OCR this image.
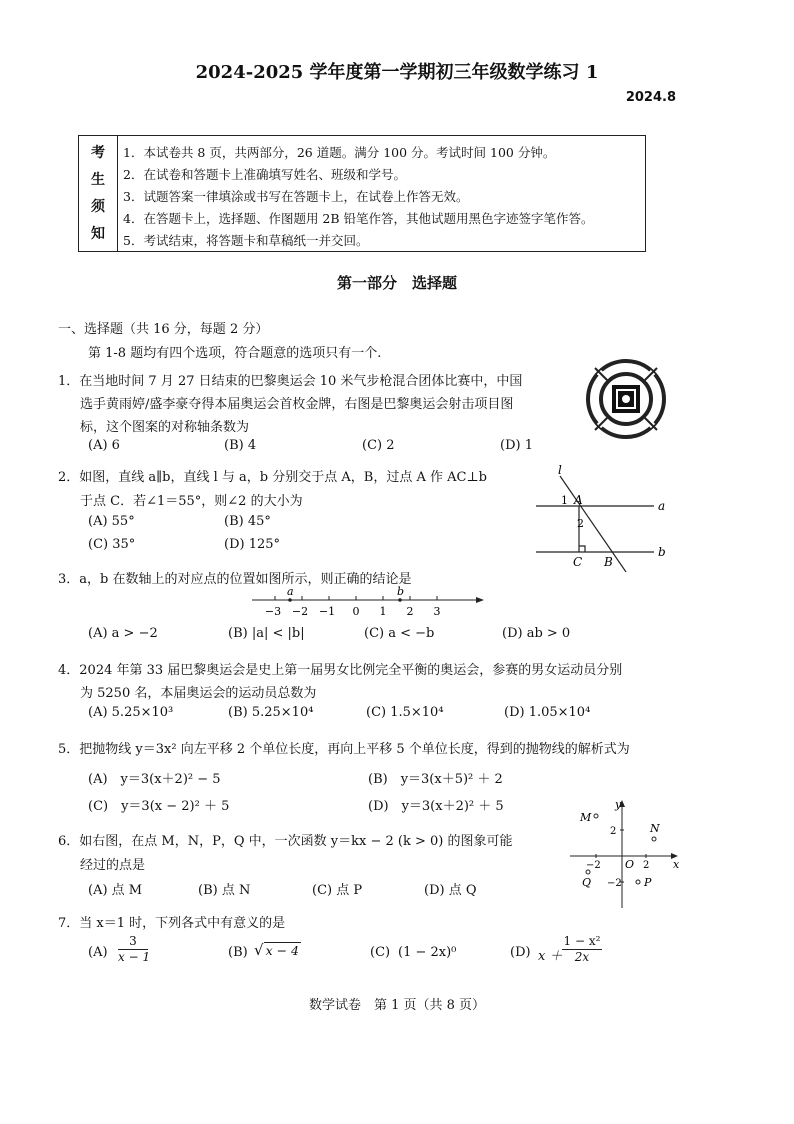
2024-2025 学年度第一学期初三年级数学练习 1
2024.8
考
生
须
知
1．本试卷共 8 页，共两部分，26 道题。满分 100 分。考试时间 100 分钟。
2．在试卷和答题卡上准确填写姓名、班级和学号。
3．试题答案一律填涂或书写在答题卡上，在试卷上作答无效。
4．在答题卡上，选择题、作图题用 2B 铅笔作答，其他试题用黑色字迹签字笔作答。
5．考试结束，将答题卡和草稿纸一并交回。
第一部分　选择题
一、选择题（共 16 分，每题 2 分）
第 1-8 题均有四个选项，符合题意的选项只有一个.
1．在当地时间 7 月 27 日结束的巴黎奥运会 10 米气步枪混合团体比赛中，中国
选手黄雨婷/盛李豪夺得本届奥运会首枚金牌，右图是巴黎奥运会射击项目图
标，这个图案的对称轴条数为
(A) 6	(B) 4	(C) 2	(D) 1
2．如图，直线 a∥b，直线 l 与 a，b 分别交于点 A，B，过点 A 作 AC⊥b
于点 C．若∠1＝55°，则∠2 的大小为
(A) 55°	(B) 45°
(C) 35°	(D) 125°
l
1 A	a
2
b
C B
3．a，b 在数轴上的对应点的位置如图所示，则正确的结论是
a	b
−3 −2 −1 0 1 2 3
(A) a > −2	(B) |a| < |b|	(C) a < −b	(D) ab > 0
4．2024 年第 33 届巴黎奥运会是史上第一届男女比例完全平衡的奥运会，参赛的男女运动员分别
为 5250 名，本届奥运会的运动员总数为
(A) 5.25×10³	(B) 5.25×10⁴	(C) 1.5×10⁴	(D) 1.05×10⁴
5．把抛物线 y＝3x² 向左平移 2 个单位长度，再向上平移 5 个单位长度，得到的抛物线的解析式为
(A)　y＝3(x＋2)² − 5	(B)　y＝3(x＋5)² ＋ 2
(C)　y＝3(x − 2)² ＋ 5	(D)　y＝3(x＋2)² ＋ 5
6．如右图，在点 M，N，P，Q 中，一次函数 y＝kx − 2 (k > 0) 的图象可能
经过的点是
(A) 点 M	(B) 点 N	(C) 点 P	(D) 点 Q
y
x
2
2
−2
−2
O
M
N
P
Q
7．当 x＝1 时，下列各式中有意义的是
$(A) \frac{3}{x - 1}$	(B) √ x − 4	(C) (1 − 2x)⁰	(D) $x + \frac{\text{1 − x²}}{2x}$
数学试卷　第 1 页（共 8 页）
